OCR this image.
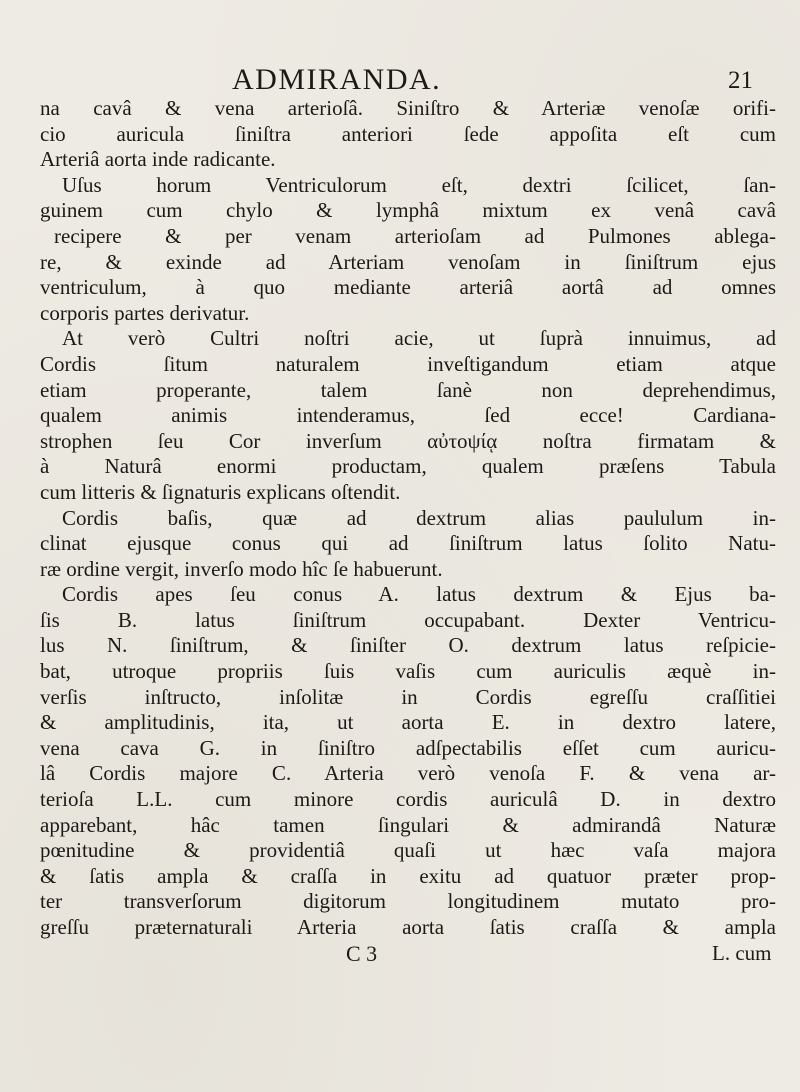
ADMIRANDA.	21
na cavâ & vena arterioſâ. Siniſtro & Arteriæ venoſæ orifi-
cio auricula ſiniſtra anteriori ſede appoſita eſt cum
Arteriâ aorta inde radicante.
Uſus horum Ventriculorum eſt, dextri ſcilicet, ſan-
guinem cum chylo & lymphâ mixtum ex venâ cavâ
recipere & per venam arterioſam ad Pulmones ablega-
re, & exinde ad Arteriam venoſam in ſiniſtrum ejus
ventriculum, à quo mediante arteriâ aortâ ad omnes
corporis partes derivatur.
At verò Cultri noſtri acie, ut ſuprà innuimus, ad
Cordis ſitum naturalem inveſtigandum etiam atque
etiam properante, talem ſanè non deprehendimus,
qualem animis intenderamus, ſed ecce! Cardiana-
strophen ſeu Cor inverſum αὐτοψίᾳ noſtra firmatam &
à Naturâ enormi productam, qualem præſens Tabula
cum litteris & ſignaturis explicans oſtendit.
Cordis baſis, quæ ad dextrum alias paululum in-
clinat ejusque conus qui ad ſiniſtrum latus ſolito Natu-
ræ ordine vergit, inverſo modo hîc ſe habuerunt.
Cordis apes ſeu conus A. latus dextrum & Ejus ba-
ſis B. latus ſiniſtrum occupabant. Dexter Ventricu-
lus N. ſiniſtrum, & ſiniſter O. dextrum latus reſpicie-
bat, utroque propriis ſuis vaſis cum auriculis æquè in-
verſis inſtructo, inſolitæ in Cordis egreſſu craſſitiei
& amplitudinis, ita, ut aorta E. in dextro latere,
vena cava G. in ſiniſtro adſpectabilis eſſet cum auricu-
lâ Cordis majore C. Arteria verò venoſa F. & vena ar-
terioſa L.L. cum minore cordis auriculâ D. in dextro
apparebant, hâc tamen ſingulari & admirandâ Naturæ
pœnitudine & providentiâ quaſi ut hæc vaſa majora
& ſatis ampla & craſſa in exitu ad quatuor præter prop-
ter transverſorum digitorum longitudinem mutato pro-
greſſu præternaturali Arteria aorta ſatis craſſa & ampla
C 3	L. cum
